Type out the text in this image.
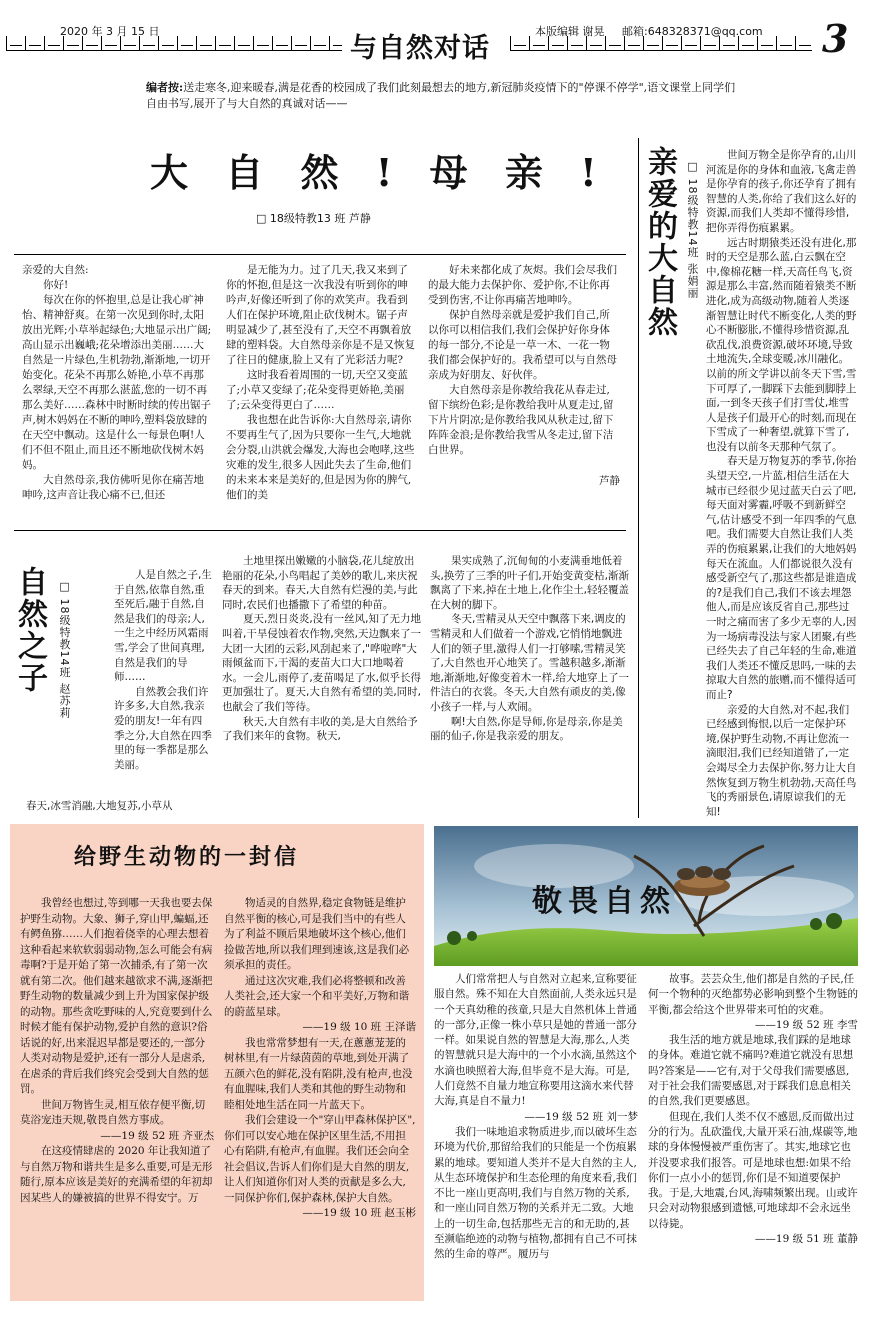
2020 年 3 月 15 日
与自然对话
本版编辑 谢晃 邮箱:648328371@qq.com 3
编者按:送走寒冬,迎来暖春,满是花香的校园成了我们此刻最想去的地方,新冠肺炎疫情下的"停课不停学",语文课堂上同学们自由书写,展开了与大自然的真诚对话——
大 自 然 ! 母 亲 !
□ 18级特教13 班 芦静

亲爱的大自然:

你好!

每次在你的怀抱里,总是让我心旷神怡、精神舒爽。在第一次见到你时,太阳放出光辉;小草举起绿色;大地显示出广阔;高山显示出巍峨;花朵增添出美丽……大自然是一片绿色,生机勃勃,渐渐地,一切开始变化。花朵不再那么娇艳,小草不再那么翠绿,天空不再那么湛蓝,您的一切不再那么美好……森林中时断时续的传出锯子声,树木妈妈在不断的呻吟,塑料袋放肆的在天空中飘动。这是什么一每景色啊!人们不但不阻止,而且还不断地砍伐树木妈妈。

大自然母亲,我仿佛听见你在痛苦地呻吟,这声音让我心痛不已,但还

是无能为力。过了几天,我又来到了你的怀抱,但是这一次我没有听到你的呻吟声,好像还听到了你的欢笑声。我看到人们在保护环境,阻止砍伐树木。锯子声明显减少了,甚至没有了,天空不再飘着放肆的塑料袋。大自然母亲你是不是又恢复了往日的健康,脸上又有了光彩活力呢?

这时我看着周围的一切,天空又变蓝了;小草又变绿了;花朵变得更娇艳,美丽了;云朵变得更白了……

我也想在此告诉你:大自然母亲,请你不要再生气了,因为只要你一生气,大地就会分裂,山洪就会爆发,大海也会咆哮,这些灾难的发生,很多人因此失去了生命,他们的未来本来是美好的,但是因为你的脾气,他们的美

好未来都化成了灰烬。我们会尽我们的最大能力去保护你、爱护你,不让你再受到伤害,不让你再痛苦地呻吟。

保护自然母亲就是爱护我们自己,所以你可以相信我们,我们会保护好你身体的每一部分,不论是一草一木、一花一物我们都会保护好的。我希望可以与自然母亲成为好朋友、好伙伴。

大自然母亲是你教给我花从春走过,留下缤纷色彩;是你教给我叶从夏走过,留下片片阴凉;是你教给我风从秋走过,留下阵阵金浪;是你教给我雪从冬走过,留下洁白世界。

芦静
亲爱的大自然 □ 18级特教14班 张娟丽

世间万物全是你孕育的,山川河流是你的身体和血液,飞禽走兽是你孕育的孩子,你还孕育了拥有智慧的人类,你给了我们这么好的资源,而我们人类却不懂得珍惜,把你弄得伤痕累累。

远古时期猿类还没有进化,那时的天空是那么蓝,白云飘在空中,像棉花糖一样,天高任鸟飞,资源是那么丰富,然而随着猿类不断进化,成为高级动物,随着人类逐渐智慧让时代不断变化,人类的野心不断膨胀,不懂得珍惜资源,乱砍乱伐,浪费资源,破坏环境,导致土地流失,全球变暖,冰川融化。以前的所文学讲以前冬天下雪,雪下可厚了,一脚踩下去能到脚脖上面,一到冬天孩子们打雪仗,堆雪人是孩子们最开心的时刻,而现在下雪成了一种奢望,就算下雪了,也没有以前冬天那种气氛了。

春天是万物复苏的季节,你抬头望天空,一片蓝,相信生活在大城市已经很少见过蓝天白云了吧,每天面对雾霾,呼吸不到新鲜空气,估计感受不到一年四季的气息吧。我们需要大自然让我们人类弄的伤痕累累,让我们的大地妈妈每天在流血。人们都说很久没有感受新空气了,那这些都是谁造成的?是我们自己,我们不该去埋怨他人,而是应该反省自己,那些过一时之痛而害了多少无辜的人,因为一场病毒没法与家人团聚,有些已经失去了自己年轻的生命,难道我们人类还不懂反思吗,一味的去掠取大自然的旅赠,而不懂得适可而止?

亲爱的大自然,对不起,我们已经感到悔恨,以后一定保护环境,保护野生动物,不再让您流一滴眼泪,我们已经知道错了,一定会竭尽全力去保护你,努力让大自然恢复到万物生机勃勃,天高任鸟飞的秀丽景色,请原谅我们的无知!

自然之子 □ 18级特教14班 赵苏莉

人是自然之子,生于自然,依靠自然,重至死后,融于自然,自然是我们的母亲;人,一生之中经历风霜雨雪,学会了世间真理,自然是我们的导师……

自然教会我们许许多多,大自然,我亲爱的朋友!一年有四季之分,大自然在四季里的每一季都是那么美丽。

春天,冰雪消融,大地复苏,小草从

土地里探出嫩嫩的小脑袋,花儿绽放出艳丽的花朵,小鸟唱起了美妙的歌儿,来庆祝春天的到来。春天,大自然有烂漫的美,与此同时,农民们也播撒下了希望的种苗。

夏天,烈日炎炎,没有一丝风,知了无力地叫着,干旱侵蚀着农作物,突然,天边飘来了一大团一大团的云彩,风刮起来了,"哗啦哗"大雨倾盆而下,干渴的麦苗大口大口地喝着水。一会儿,雨停了,麦苗喝足了水,似乎长得更加强壮了。夏天,大自然有希望的美,同时,也献会了我们等待。

秋天,大自然有丰收的美,是大自然给予了我们来年的食物。秋天,

果实成熟了,沉甸甸的小麦满垂地低着头,换劳了三季的叶子们,开始变黄变枯,渐渐飘离了下来,掉在土地上,化作尘土,轻轻覆盖在大树的脚下。

冬天,雪精灵从天空中飘落下来,调皮的雪精灵和人们做着一个游戏,它悄悄地飘进人们的领子里,激得人们一打够嗦,雪精灵笑了,大自然也开心地笑了。雪越积越多,渐渐地,渐渐地,好像变着木一样,给大地穿上了一件洁白的衣裳。冬天,大自然有顽皮的美,像小孩子一样,与人欢闹。

啊!大自然,你是导师,你是母亲,你是美丽的仙子,你是我亲爱的朋友。

给野生动物的一封信

我曾经也想过,等到哪一天我也要去保护野生动物。大象、狮子,穿山甲,蝙蝠,还有鳄鱼猕……人们抱着侥幸的心理去想着这种看起来软软弱弱动物,怎么可能会有病毒啊?于是开始了第一次捕杀,有了第一次就有第二次。他们越来越欲求不满,逐渐把野生动物的数量减少到上升为国家保护级的动物。那些贪吃野味的人,究竟要到什么时候才能有保护动物,爱护自然的意识?俗话说的好,出来混迟早都是要还的,一部分人类对动物是爱护,还有一部分人是虐杀,在虐杀的背后我们终究会受到大自然的惩罚。

世间万物皆生灵,相互依存便平衡,切莫浴宠违天规,敬畏自然方事成。

——19 级 52 班 齐亚杰

在这疫情肆虐的 2020 年让我知道了与自然万物和谐共生是多么重要,可是无形随行,原本应该是美好的充满希望的年初却因某些人的嫌被搞的世界不得安宁。万

物适灵的自然界,稳定食物链是维护自然平衡的核心,可是我们当中的有些人为了利益不顾后果地破坏这个核心,他们捡做苦地,所以我们理到速该,这是我们必须承担的责任。

通过这次灾难,我们必将整顿和改善人类社会,还大家一个和平美好,万物和谐的蔚蓝星球。

——19 级 10 班 王泽谐

我也常常梦想有一天,在蔥蔥茏茏的树林里,有一片绿茵茵的草地,到处开满了五颜六色的鲜花,没有陷阱,没有枪声,也没有血腥味,我们人类和其他的野生动物和睦相处地生活在同一片蓝天下。

我们会建设一个"穿山甲森林保护区",你们可以安心地在保护区里生活,不用担心有陷阱,有枪声,有血腥。我们还会向全社会倡议,告诉人们你们是大自然的朋友,让人们知道你们对人类的贡献是多么大,一同保护你们,保护森林,保护大自然。

——19 级 10 班 赵玉彬

敬畏自然

人们常常把人与自然对立起来,宣称要征服自然。殊不知在大自然面前,人类永远只是一个天真幼稚的孩童,只是大自然机体上普通的一部分,正像一株小草只是她的普通一部分一样。如果说自然的智慧是大海,那么,人类的智慧就只是大海中的一个小水滴,虽然这个水滴也映照着大海,但毕竟不是大海。可是,人们竟然不自量力地宣称要用这滴水来代替大海,真是自不量力!

——19 级 52 班 刘一梦

我们一味地追求物质进步,而以破坏生态环境为代价,那留给我们的只能是一个伤痕累累的地球。要知道人类并不是大自然的主人,从生态环境保护和生态伦理的角度来看,我们不比一座山更高明,我们与自然万物的关系,和一座山同自然万物的关系并无二致。大地上的一切生命,包括那些无言的和无助的,甚至濒临绝迹的动物与植物,都拥有自己不可抹然的生命的尊严。履历与

故事。芸芸众生,他们都是自然的子民,任何一个物种的灭绝都势必影响到整个生物链的平衡,都会给这个世界带来可怕的灾难。

——19 级 52 班 李雪

我生活的地方就是地球,我们踩的是地球的身体。难道它就不痛吗?难道它就没有思想吗?答案是——它有,对于父母我们需要感恩,对于社会我们需要感恩,对于踩我们息息相关的自然,我们更要感恩。

但现在,我们人类不仅不感恩,反而做出过分的行为。乱砍滥伐,大量开采石油,煤碳等,地球的身体慢慢被严重伤害了。其实,地球它也并没要求我们报答。可是地球也想:如果不给你们一点小小的惩罚,你们是不知道要保护我。于是,大地震,台风,海啸频繁出现。山或许只会对动物狠感到遗憾,可地球却不会永远坐以待毙。

——19 级 51 班 董静
